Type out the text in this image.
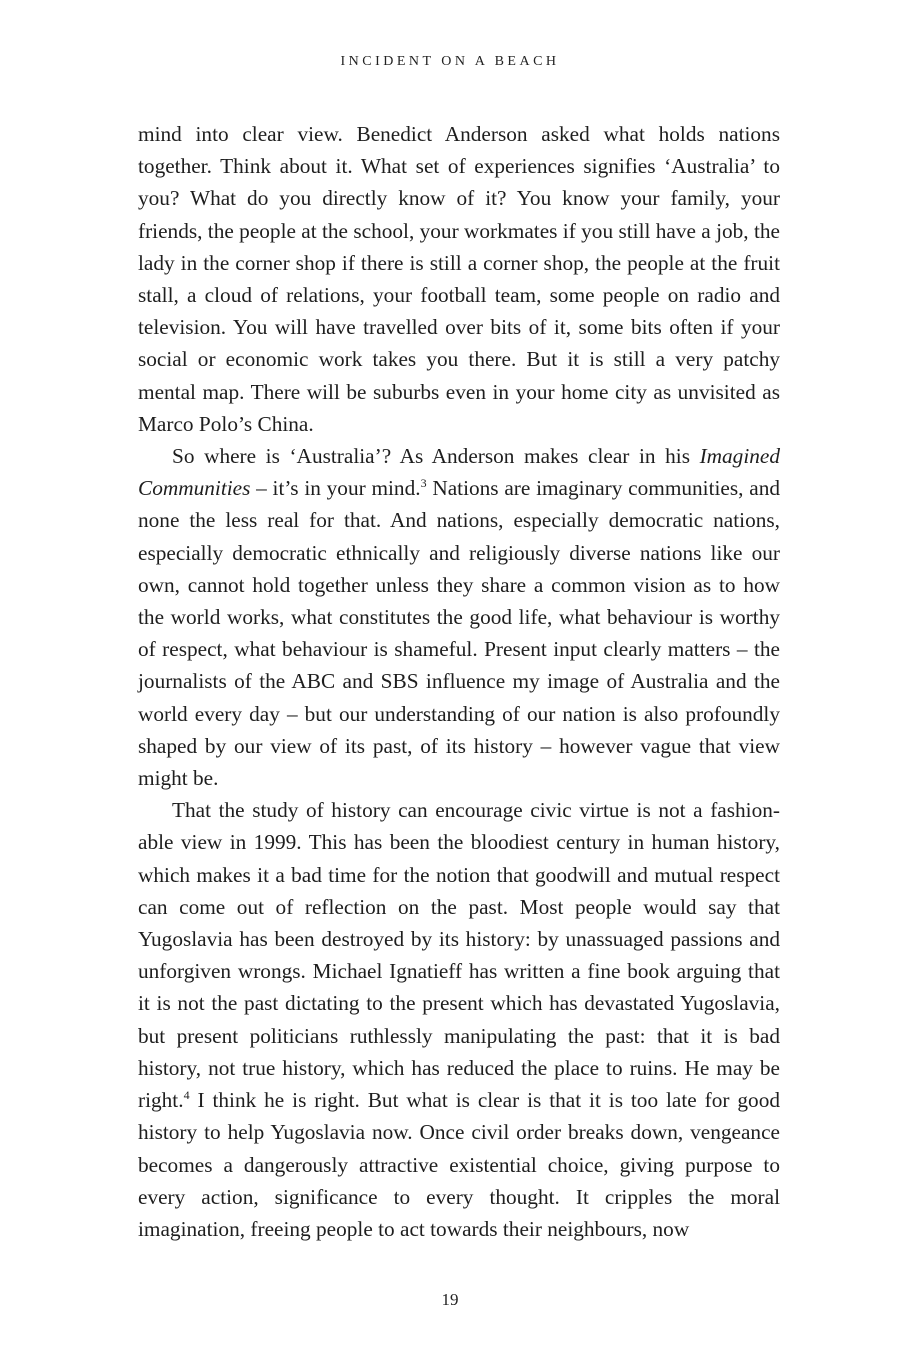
INCIDENT ON A BEACH

mind into clear view. Benedict Anderson asked what holds nations together. Think about it. What set of experiences signifies ‘Australia’ to you? What do you directly know of it? You know your family, your friends, the people at the school, your workmates if you still have a job, the lady in the corner shop if there is still a corner shop, the people at the fruit stall, a cloud of relations, your football team, some people on radio and television. You will have travelled over bits of it, some bits often if your social or economic work takes you there. But it is still a very patchy mental map. There will be suburbs even in your home city as unvisited as Marco Polo’s China.

So where is ‘Australia’? As Anderson makes clear in his Imagined Communities – it’s in your mind.$^3$ Nations are imaginary communities, and none the less real for that. And nations, especially democratic nations, especially democratic ethnically and religiously diverse nations like our own, cannot hold together unless they share a common vision as to how the world works, what constitutes the good life, what behaviour is worthy of respect, what behaviour is shameful. Present input clearly matters – the journalists of the ABC and SBS influence my image of Australia and the world every day – but our understanding of our nation is also profoundly shaped by our view of its past, of its history – however vague that view might be.

That the study of history can encourage civic virtue is not a fashionable view in 1999. This has been the bloodiest century in human history, which makes it a bad time for the notion that goodwill and mutual respect can come out of reflection on the past. Most people would say that Yugoslavia has been destroyed by its history: by unassuaged passions and unforgiven wrongs. Michael Ignatieff has written a fine book arguing that it is not the past dictating to the present which has devastated Yugoslavia, but present politicians ruthlessly manipulating the past: that it is bad history, not true history, which has reduced the place to ruins. He may be right.$^4$ I think he is right. But what is clear is that it is too late for good history to help Yugoslavia now. Once civil order breaks down, vengeance becomes a dangerously attractive existential choice, giving purpose to every action, significance to every thought. It cripples the moral imagination, freeing people to act towards their neighbours, now

19
